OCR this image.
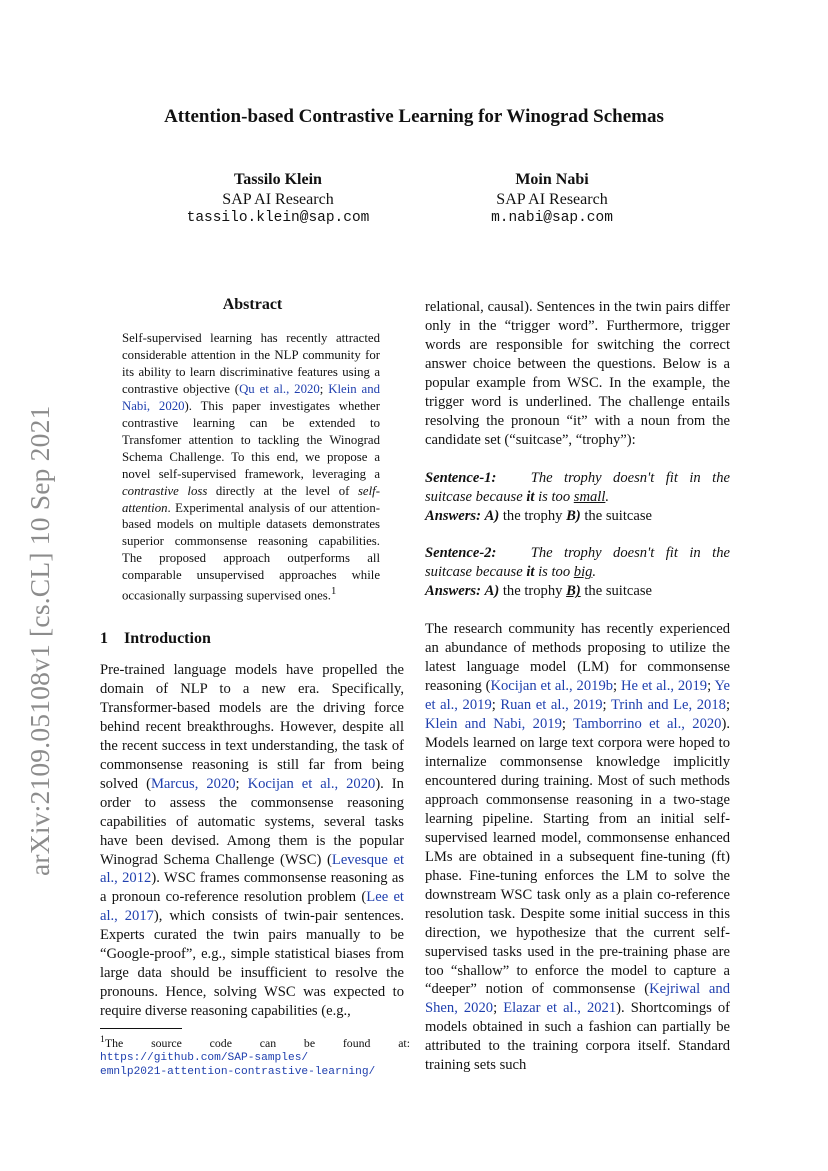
arXiv:2109.05108v1 [cs.CL] 10 Sep 2021
Attention-based Contrastive Learning for Winograd Schemas
Tassilo Klein
SAP AI Research
tassilo.klein@sap.com
Moin Nabi
SAP AI Research
m.nabi@sap.com
Abstract
Self-supervised learning has recently attracted considerable attention in the NLP community for its ability to learn discriminative features using a contrastive objective (Qu et al., 2020; Klein and Nabi, 2020). This paper investigates whether contrastive learning can be extended to Transfomer attention to tackling the Winograd Schema Challenge. To this end, we propose a novel self-supervised framework, leveraging a contrastive loss directly at the level of self-attention. Experimental analysis of our attention-based models on multiple datasets demonstrates superior commonsense reasoning capabilities. The proposed approach outperforms all comparable unsupervised approaches while occasionally surpassing supervised ones.$^1$
1 Introduction
Pre-trained language models have propelled the domain of NLP to a new era. Specifically, Transformer-based models are the driving force behind recent breakthroughs. However, despite all the recent success in text understanding, the task of commonsense reasoning is still far from being solved (Marcus, 2020; Kocijan et al., 2020). In order to assess the commonsense reasoning capabilities of automatic systems, several tasks have been devised. Among them is the popular Winograd Schema Challenge (WSC) (Levesque et al., 2012). WSC frames commonsense reasoning as a pronoun co-reference resolution problem (Lee et al., 2017), which consists of twin-pair sentences. Experts curated the twin pairs manually to be “Google-proof”, e.g., simple statistical biases from large data should be insufficient to resolve the pronouns. Hence, solving WSC was expected to require diverse reasoning capabilities (e.g.,
$^1$The source code can be found at:
https://github.com/SAP-samples/
emnlp2021-attention-contrastive-learning/

relational, causal). Sentences in the twin pairs differ only in the “trigger word”. Furthermore, trigger words are responsible for switching the correct answer choice between the questions. Below is a popular example from WSC. In the example, the trigger word is underlined. The challenge entails resolving the pronoun “it” with a noun from the candidate set (“suitcase”, “trophy”):

Sentence-1: The trophy doesn't fit in the
suitcase because it is too small.
Answers: A) the trophy B) the suitcase
Sentence-2: The trophy doesn't fit in the
suitcase because it is too big.
Answers: A) the trophy B) the suitcase

The research community has recently experienced an abundance of methods proposing to utilize the latest language model (LM) for commonsense reasoning (Kocijan et al., 2019b; He et al., 2019; Ye et al., 2019; Ruan et al., 2019; Trinh and Le, 2018; Klein and Nabi, 2019; Tamborrino et al., 2020). Models learned on large text corpora were hoped to internalize commonsense knowledge implicitly encountered during training. Most of such methods approach commonsense reasoning in a two-stage learning pipeline. Starting from an initial self-supervised learned model, commonsense enhanced LMs are obtained in a subsequent fine-tuning (ft) phase. Fine-tuning enforces the LM to solve the downstream WSC task only as a plain co-reference resolution task. Despite some initial success in this direction, we hypothesize that the current self-supervised tasks used in the pre-training phase are too “shallow” to enforce the model to capture a “deeper” notion of commonsense (Kejriwal and Shen, 2020; Elazar et al., 2021). Shortcomings of models obtained in such a fashion can partially be attributed to the training corpora itself. Standard training sets such
